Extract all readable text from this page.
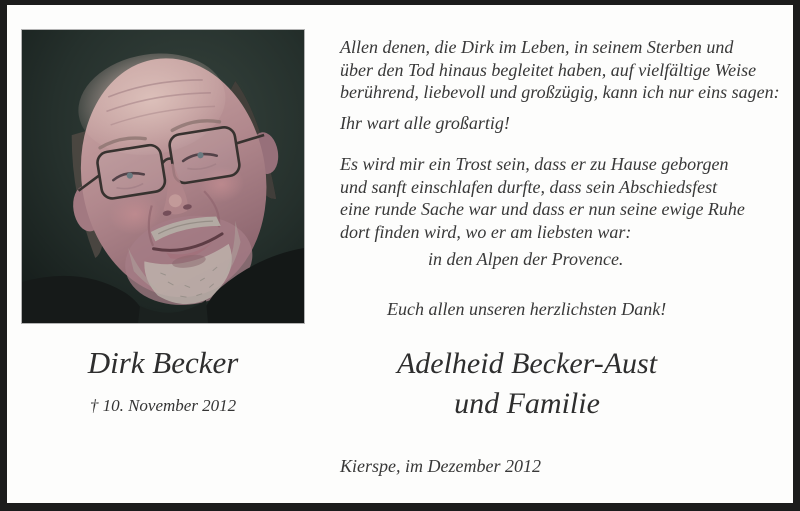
Dirk Becker
† 10. November 2012
Allen denen, die Dirk im Leben, in seinem Sterben und
über den Tod hinaus begleitet haben, auf vielfältige Weise
berührend, liebevoll und großzügig, kann ich nur eins sagen:
Ihr wart alle großartig!
Es wird mir ein Trost sein, dass er zu Hause geborgen
und sanft einschlafen durfte, dass sein Abschiedsfest
eine runde Sache war und dass er nun seine ewige Ruhe
dort finden wird, wo er am liebsten war:
in den Alpen der Provence.
Euch allen unseren herzlichsten Dank!
Adelheid Becker-Aust
und Familie
Kierspe, im Dezember 2012
